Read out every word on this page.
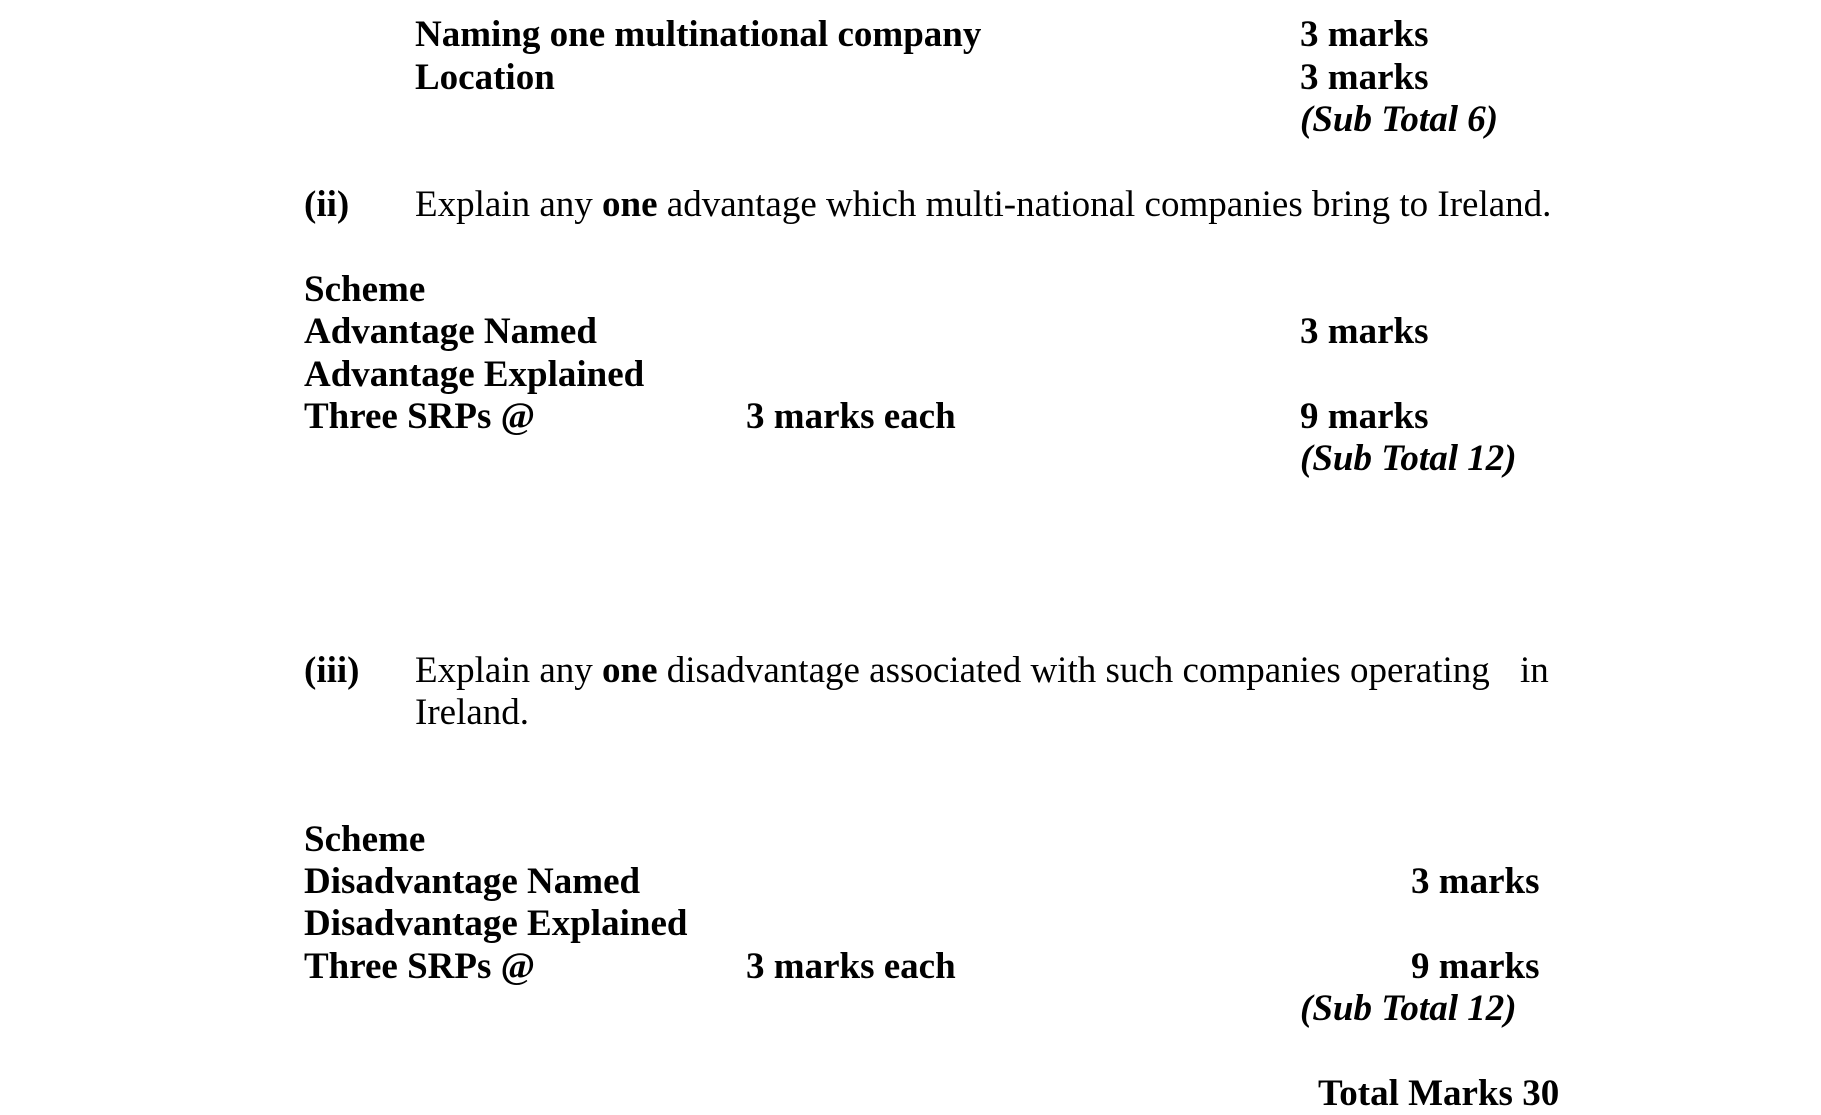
Naming one multinational company	3 marks
Location	3 marks
(Sub Total 6)
(ii) Explain any one advantage which multi-national companies bring to Ireland.
Scheme
Advantage Named	3 marks
Advantage Explained
Three SRPs @	3 marks each	9 marks
(Sub Total 12)
(iii) Explain any one disadvantage associated with such companies operating in
Ireland.
Scheme
Disadvantage Named	3 marks
Disadvantage Explained
Three SRPs @	3 marks each	9 marks
(Sub Total 12)
Total Marks 30
